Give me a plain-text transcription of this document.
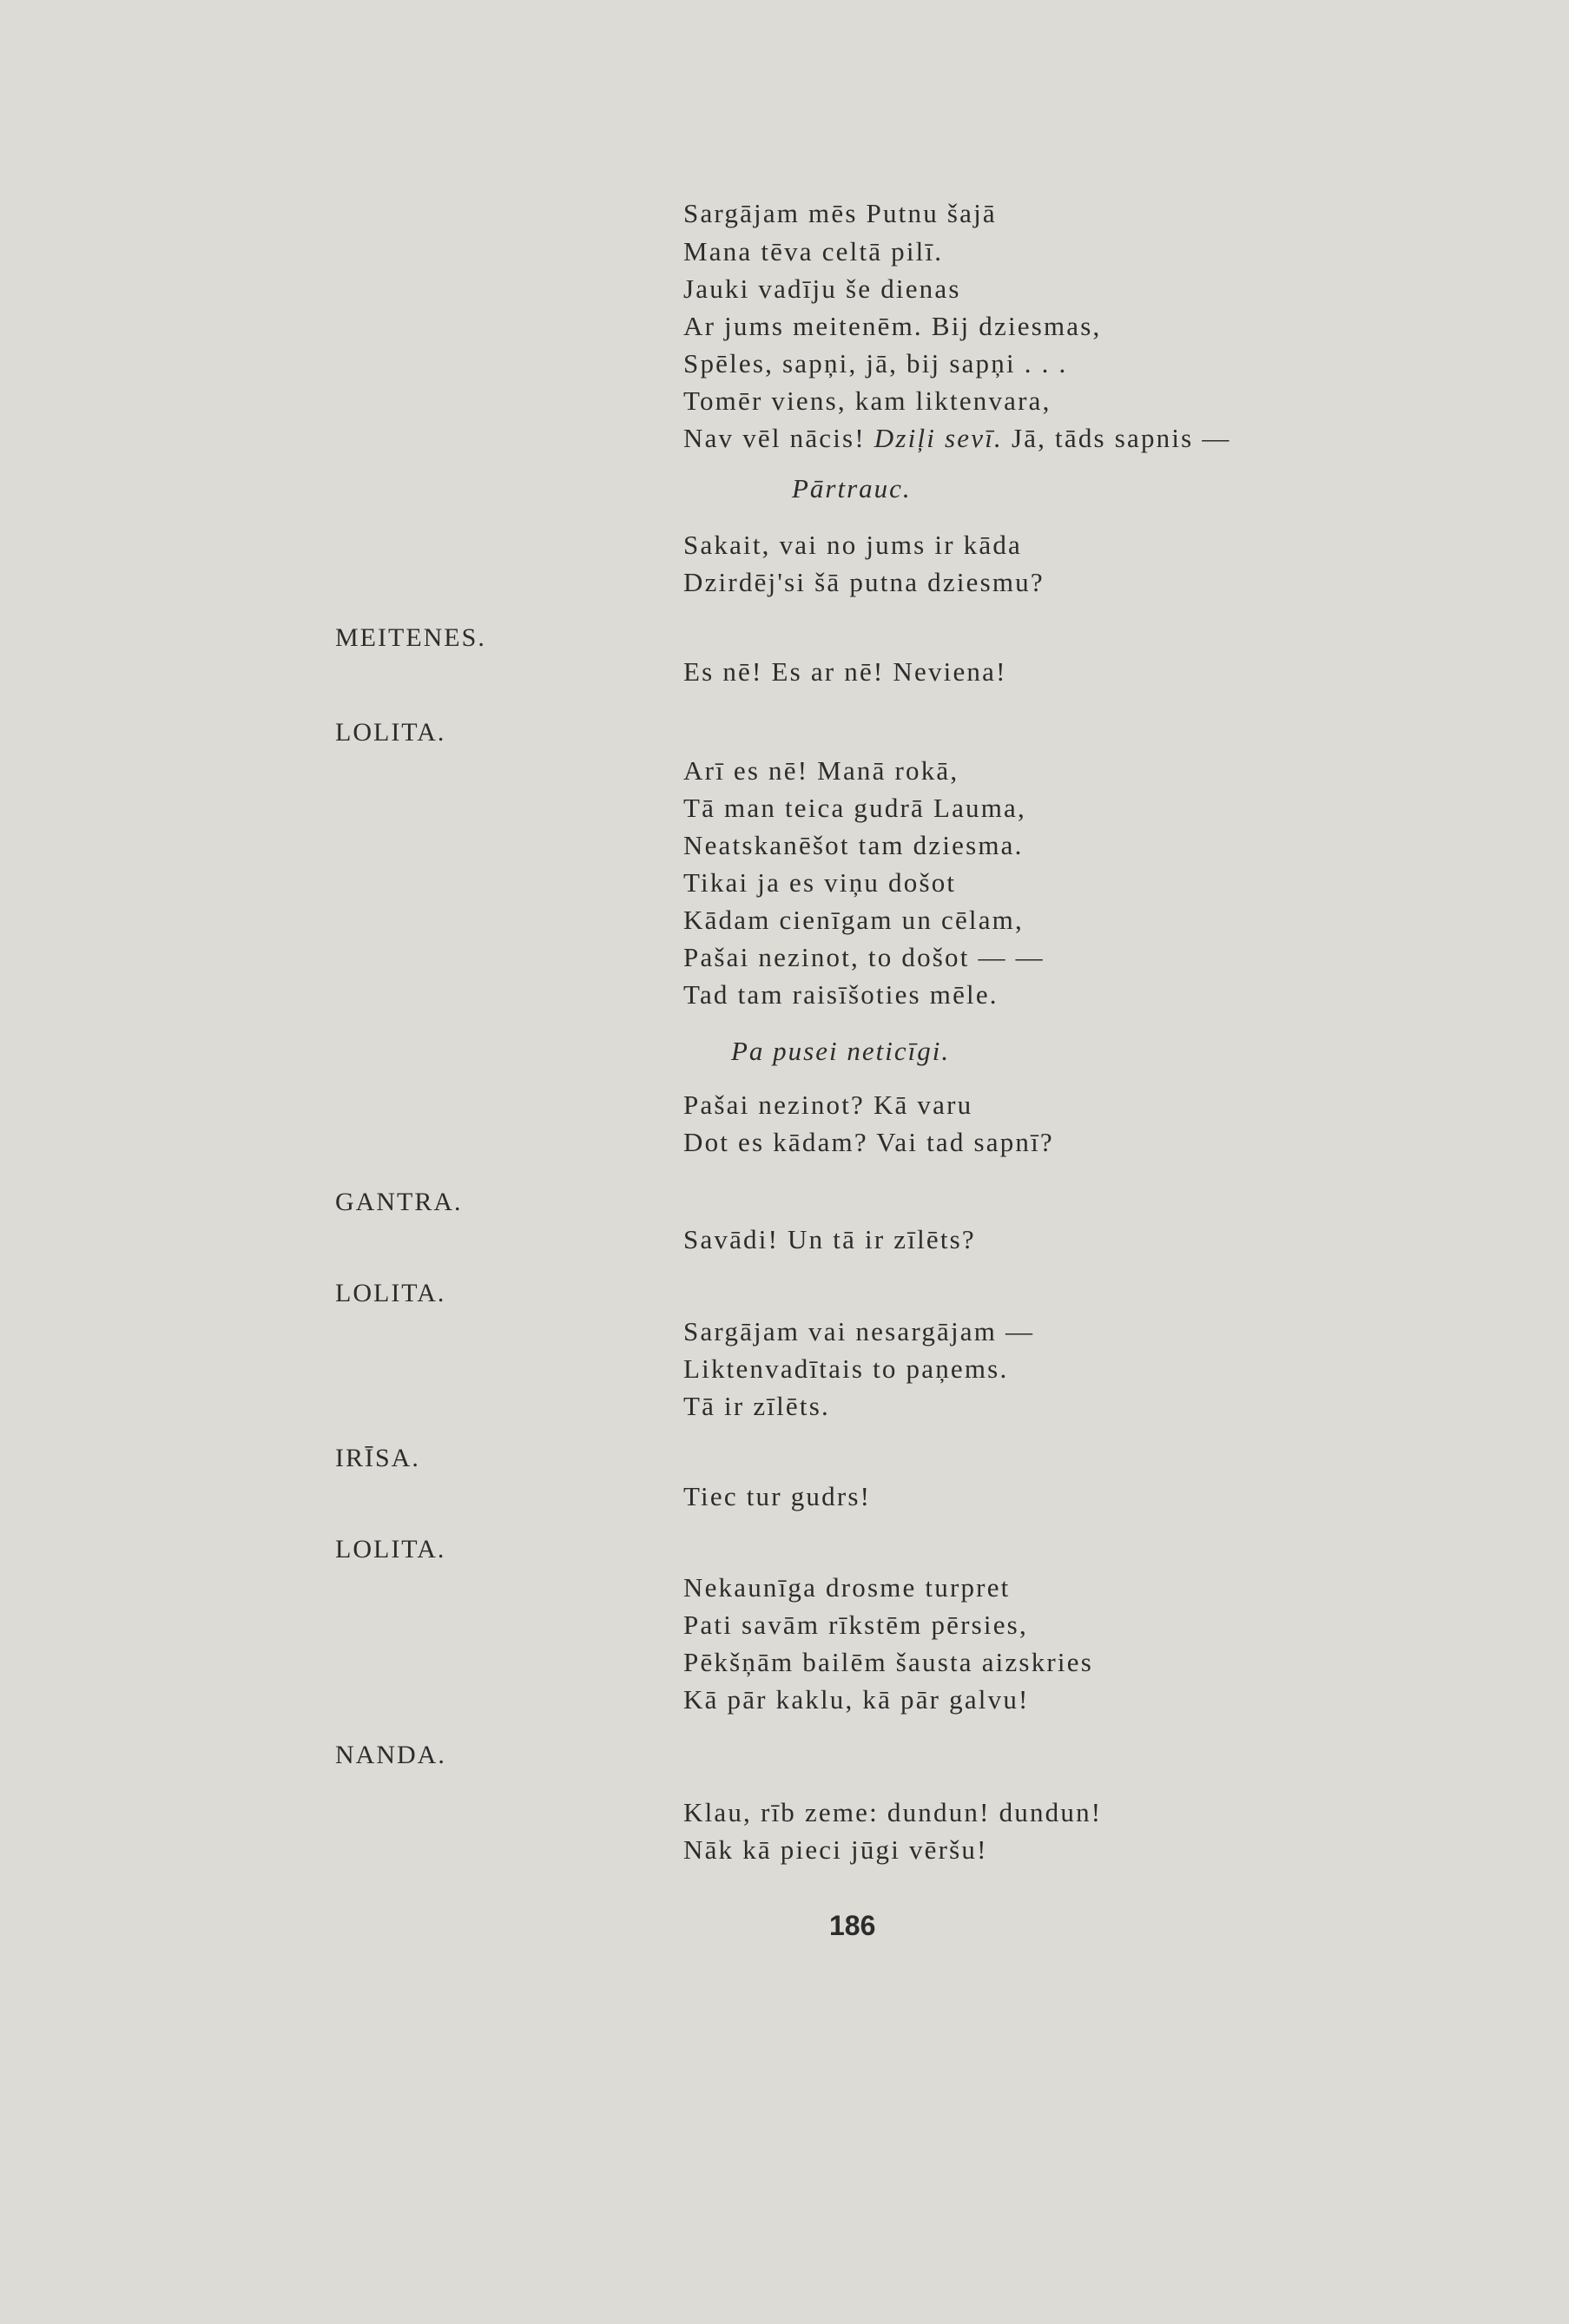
Sargājam mēs Putnu šajā

Mana tēva celtā pilī.

Jauki vadīju še dienas

Ar jums meitenēm. Bij dziesmas,

Spēles, sapņi, jā, bij sapņi . . .

Tomēr viens, kam liktenvara,

Nav vēl nācis! Dziļi sevī. Jā, tāds sapnis —

Pārtrauc.

Sakait, vai no jums ir kāda

Dzirdēj'si šā putna dziesmu?

MEITENES.

Es nē! Es ar nē! Neviena!

LOLITA.

Arī es nē! Manā rokā,

Tā man teica gudrā Lauma,

Neatskanēšot tam dziesma.

Tikai ja es viņu došot

Kādam cienīgam un cēlam,

Pašai nezinot, to došot — —

Tad tam raisīšoties mēle.

Pa pusei neticīgi.

Pašai nezinot? Kā varu

Dot es kādam? Vai tad sapnī?

GANTRA.

Savādi! Un tā ir zīlēts?

LOLITA.

Sargājam vai nesargājam —

Liktenvadītais to paņems.

Tā ir zīlēts.

IRĪSA.

Tiec tur gudrs!

LOLITA.

Nekaunīga drosme turpret

Pati savām rīkstēm pērsies,

Pēkšņām bailēm šausta aizskries

Kā pār kaklu, kā pār galvu!

NANDA.

Klau, rīb zeme: dundun! dundun!

Nāk kā pieci jūgi vēršu!

186
